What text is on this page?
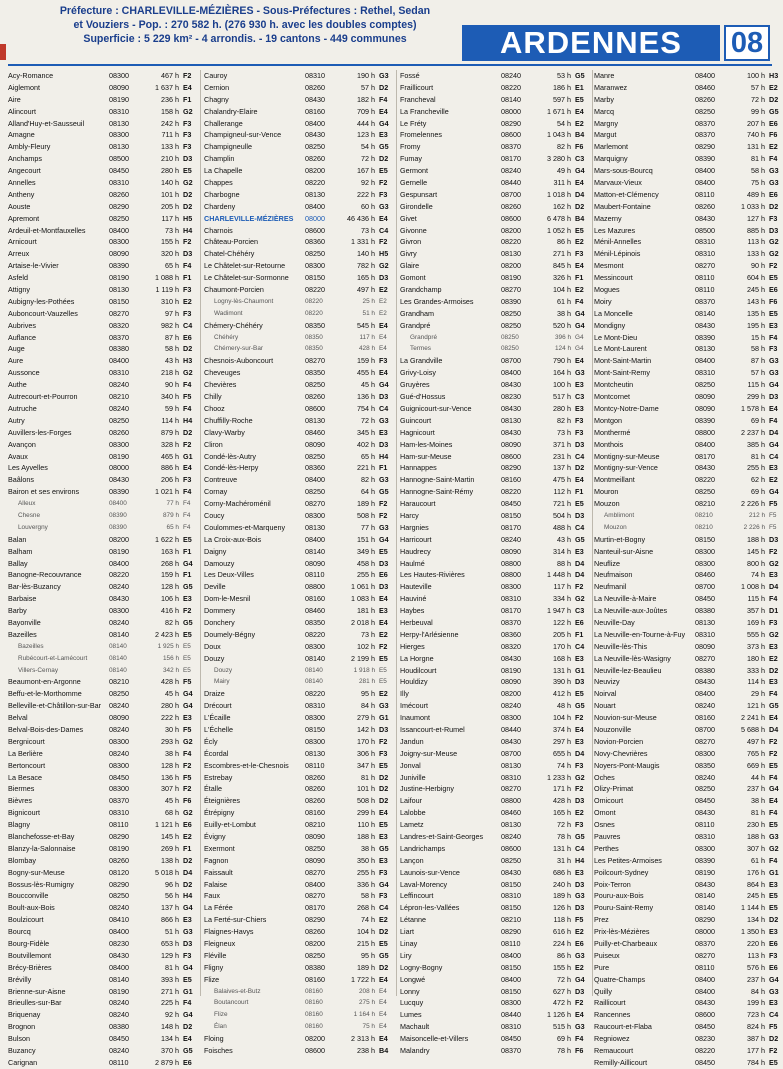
Préfecture : CHARLEVILLE-MÉZIÈRES - Sous-Préfectures : Rethel, Sedan
et Vouziers - Pop. : 270 582 h. (276 930 h. avec les doubles comptes)
Superficie : 5 229 km² - 4 arrondis. - 19 cantons - 449 communes	ARDENNES	08
Acy-Romance	08300	467 h F2
Aiglemont	08090	1 637 h E4
Aire	08190	236 h F1
Alincourt	08310	158 h G2
Alland'Huy-et-Sausseuil	08130	242 h F3
Amagne	08300	711 h F3
Ambly-Fleury	08130	133 h F3
Anchamps	08500	210 h D3
Angecourt	08450	280 h E5
Annelles	08310	140 h G2
Antheny	08260	101 h D2
Aouste	08290	205 h D2
Apremont	08250	117 h H5
Ardeuil-et-Montfauxelles	08400	73 h H4
Arnicourt	08300	155 h F2
Arreux	08090	320 h D3
Artaise-le-Vivier	08390	65 h F4
Asfeld	08190	1 088 h F1
Attigny	08130	1 119 h F3
Aubigny-les-Pothées	08150	310 h E2
Auboncourt-Vauzelles	08270	97 h F3
Aubrives	08320	982 h C4
Auflance	08370	87 h E6
Auge	08380	58 h D2
Aure	08400	43 h H3
Aussonce	08310	218 h G2
Authe	08240	90 h F4
Autrecourt-et-Pourron	08210	340 h F5
Autruche	08240	59 h F4
Autry	08250	114 h H4
Auvillers-les-Forges	08260	879 h D2
Avançon	08300	328 h F2
Avaux	08190	465 h G1
Les Ayvelles	08000	886 h E4
Baâlons	08430	206 h F3
Bairon et ses environs	08390	1 021 h F4
Alleux	08400	77 h F4
Chesne	08390	879 h F4
Louvergny	08390	65 h F4
Balan	08200	1 622 h E5
Balham	08190	163 h F1
Ballay	08400	268 h G4
Banogne-Recouvrance	08220	159 h F1
Bar-lès-Buzancy	08240	128 h G5
Barbaise	08430	106 h E3
Barby	08300	416 h F2
Bayonville	08240	82 h G5
Bazeilles	08140	2 423 h E5
Bazeilles	08140	1 925 h E5
Rubécourt-et-Lamécourt	08140	156 h E5
Villers-Cernay	08140	342 h E5
Beaumont-en-Argonne	08210	428 h F5
Beffu-et-le-Morthomme	08250	45 h G4
Belleville-et-Châtillon-sur-Bar	08240	280 h G4
Belval	08090	222 h E3
Belval-Bois-des-Dames	08240	30 h F5
Bergnicourt	08300	293 h G2
La Berlière	08240	38 h F4
Bertoncourt	08300	128 h F2
La Besace	08450	136 h F5
Biermes	08300	307 h F2
Bièvres	08370	45 h F6
Bignicourt	08310	68 h G2
Blagny	08110	1 121 h E6
Blanchefosse-et-Bay	08290	145 h E2
Blanzy-la-Salonnaise	08190	269 h F1
Blombay	08260	138 h D2
Bogny-sur-Meuse	08120	5 018 h D4
Bossus-lès-Rumigny	08290	96 h D2
Boucconville	08250	56 h H4
Boult-aux-Bois	08240	137 h G4
Boulzicourt	08410	866 h E3
Bourcq	08400	51 h G3
Bourg-Fidèle	08230	653 h D3
Boutvillemont	08430	129 h F3
Brécy-Brières	08400	81 h G4
Brévilly	08140	393 h E5
Brienne-sur-Aisne	08190	271 h G1
Brieulles-sur-Bar	08240	225 h F4
Briquenay	08240	92 h G4
Brognon	08380	148 h D2
Bulson	08450	134 h E4
Buzancy	08240	370 h G5
Carignan	08110	2 879 h E6
Cauroy	08310	190 h G3
Cernion	08260	57 h D2
Chagny	08430	182 h F4
Chalandry-Elaire	08160	709 h E4
Challerange	08400	444 h G4
Champigneul-sur-Vence	08430	123 h E3
Champigneulle	08250	54 h G5
Champlin	08260	72 h D2
La Chapelle	08200	167 h E5
Chappes	08220	92 h F2
Charbogne	08130	222 h F3
Chardeny	08400	60 h G3
CHARLEVILLE-MÉZIÈRES	08000	46 436 h E4
Charnois	08600	73 h C4
Château-Porcien	08360	1 331 h F2
Chatel-Chéhéry	08250	140 h H5
Le Châtelet-sur-Retourne	08300	782 h G2
Le Châtelet-sur-Sormonne	08150	165 h D3
Chaumont-Porcien	08220	497 h E2
Logny-lès-Chaumont	08220	25 h E2
Wadimont	08220	51 h E2
Chémery-Chéhéry	08350	545 h E4
Chéhéry	08350	117 h E4
Chémery-sur-Bar	08350	428 h E4
Chesnois-Auboncourt	08270	159 h F3
Cheveuges	08350	455 h E4
Chevières	08250	45 h G4
Chilly	08260	136 h D3
Chooz	08600	754 h C4
Chuffilly-Roche	08130	72 h G3
Clavy-Warby	08460	345 h E3
Cliron	08090	402 h D3
Condé-lès-Autry	08250	65 h H4
Condé-lès-Herpy	08360	221 h F1
Contreuve	08400	82 h G3
Cornay	08250	64 h G5
Corny-Machéroménil	08270	189 h F2
Coucy	08300	508 h F2
Coulommes-et-Marqueny	08130	77 h G3
La Croix-aux-Bois	08400	151 h G4
Daigny	08140	349 h E5
Damouzy	08090	458 h D3
Les Deux-Villes	08110	255 h E6
Deville	08800	1 061 h D3
Dom-le-Mesnil	08160	1 083 h E4
Dommery	08460	181 h E3
Donchery	08350	2 018 h E4
Doumely-Bégny	08220	73 h E2
Doux	08300	102 h F2
Douzy	08140	2 199 h E5
Douzy	08140	1 918 h E5
Mairy	08140	281 h E5
Draize	08220	95 h E2
Drécourt	08310	84 h G3
L'Écaille	08300	279 h G1
L'Échelle	08150	142 h D3
Écly	08300	170 h F2
Écordal	08130	306 h F3
Escombres-et-le-Chesnois	08110	347 h E5
Estrebay	08260	81 h D2
Étalle	08260	101 h D2
Éteignières	08260	508 h D2
Étrépigny	08160	299 h E4
Euilly-et-Lombut	08210	110 h E5
Évigny	08090	188 h E3
Exermont	08250	38 h G5
Fagnon	08090	350 h E3
Faissault	08270	255 h F3
Falaise	08400	336 h G4
Faux	08270	58 h F3
La Férée	08170	268 h C4
La Ferté-sur-Chiers	08290	74 h E2
Flaignes-Havys	08260	104 h D2
Fleigneux	08200	215 h E5
Fléville	08250	95 h G5
Fligny	08380	189 h D2
Flize	08160	1 722 h E4
Balaives-et-Butz	08160	208 h E4
Boutancourt	08160	275 h E4
Flize	08160	1 164 h E4
Élan	08160	75 h E4
Floing	08200	2 313 h E4
Foisches	08600	238 h B4
Fossé	08240	53 h G5
Fraillicourt	08220	186 h E1
Francheval	08140	597 h E5
La Francheville	08000	1 671 h E4
Le Fréty	08290	54 h E2
Fromelennes	08600	1 043 h B4
Fromy	08370	82 h F6
Fumay	08170	3 280 h C3
Germont	08240	49 h G4
Gernelle	08440	311 h E4
Gespunsart	08700	1 018 h D4
Girondelle	08260	162 h D2
Givet	08600	6 478 h B4
Givonne	08200	1 052 h E5
Givron	08220	86 h E2
Givry	08130	271 h F3
Glaire	08200	845 h E4
Gomont	08190	326 h F1
Grandchamp	08270	104 h E2
Les Grandes-Armoises	08390	61 h F4
Grandham	08250	38 h G4
Grandpré	08250	520 h G4
Grandpré	08250	396 h G4
Termes	08250	124 h G4
La Grandville	08700	790 h E4
Grivy-Loisy	08400	164 h G3
Gruyères	08430	100 h E3
Gué-d'Hossus	08230	517 h C3
Guignicourt-sur-Vence	08430	280 h E3
Guincourt	08130	82 h F3
Hagnicourt	08430	73 h F3
Ham-les-Moines	08090	371 h D3
Ham-sur-Meuse	08600	231 h C4
Hannappes	08290	137 h D2
Hannogne-Saint-Martin	08160	475 h E4
Hannogne-Saint-Rémy	08220	112 h F1
Haraucourt	08450	721 h E5
Harcy	08150	504 h D3
Hargnies	08170	488 h C4
Harricourt	08240	43 h G5
Haudrecy	08090	314 h E3
Haulmé	08800	88 h D4
Les Hautes-Rivières	08800	1 448 h D4
Hauteville	08300	117 h F2
Hauviné	08310	334 h G2
Haybes	08170	1 947 h C3
Herbeuval	08370	122 h E6
Herpy-l'Arlésienne	08360	205 h F1
Hierges	08320	170 h C4
La Horgne	08430	168 h E3
Houdilcourt	08190	131 h G1
Houldizy	08090	390 h D3
Illy	08200	412 h E5
Imécourt	08240	48 h G5
Inaumont	08300	104 h F2
Issancourt-et-Rumel	08440	374 h E4
Jandun	08430	297 h E3
Joigny-sur-Meuse	08700	655 h D4
Jonval	08130	74 h F3
Juniville	08310	1 233 h G2
Justine-Herbigny	08270	171 h F2
Laifour	08800	428 h D3
Lalobbe	08460	165 h E2
Lametz	08130	72 h F3
Landres-et-Saint-Georges	08240	78 h G5
Landrichamps	08600	131 h C4
Lançon	08250	31 h H4
Launois-sur-Vence	08430	686 h E3
Laval-Morency	08150	240 h D3
Leffincourt	08310	189 h G3
Lépron-les-Vallées	08150	126 h D3
Létanne	08210	118 h F5
Liart	08290	616 h E2
Linay	08110	224 h E6
Liry	08400	86 h G3
Logny-Bogny	08150	155 h E2
Longwé	08400	72 h G4
Lonny	08150	627 h D3
Lucquy	08300	472 h F2
Lumes	08440	1 126 h E4
Machault	08310	515 h G3
Maisoncelle-et-Villers	08450	69 h F4
Malandry	08370	78 h F6
Manre	08400	100 h H3
Maranwez	08460	57 h E2
Marby	08260	72 h D2
Marcq	08250	99 h G5
Margny	08370	207 h E6
Margut	08370	740 h F6
Marlemont	08290	131 h E2
Marquigny	08390	81 h F4
Mars-sous-Bourcq	08400	58 h G3
Marvaux-Vieux	08400	75 h G3
Matton-et-Clémency	08110	489 h E6
Maubert-Fontaine	08260	1 033 h D2
Mazerny	08430	127 h F3
Les Mazures	08500	885 h D3
Ménil-Annelles	08310	113 h G2
Ménil-Lépinois	08310	133 h G2
Mesmont	08270	90 h F2
Messincourt	08110	604 h E5
Mogues	08110	245 h E6
Moiry	08370	143 h F6
La Moncelle	08140	135 h E5
Mondigny	08430	195 h E3
Le Mont-Dieu	08390	15 h F4
Le Mont-Laurent	08130	58 h F3
Mont-Saint-Martin	08400	87 h G3
Mont-Saint-Remy	08310	57 h G3
Montcheutin	08250	115 h G4
Montcornet	08090	299 h D3
Montcy-Notre-Dame	08090	1 578 h E4
Montgon	08390	69 h F4
Monthermé	08800	2 237 h D4
Monthois	08400	385 h G4
Montigny-sur-Meuse	08170	81 h C4
Montigny-sur-Vence	08430	255 h E3
Montmeillant	08220	62 h E2
Mouron	08250	69 h G4
Mouzon	08210	2 226 h F5
Amblimont	08210	212 h F5
Mouzon	08210	2 226 h F5
Murtin-et-Bogny	08150	188 h D3
Nanteuil-sur-Aisne	08300	145 h F2
Neuflize	08300	800 h G2
Neufmaison	08460	74 h E3
Neufmanil	08700	1 008 h D4
La Neuville-à-Maire	08450	115 h F4
La Neuville-aux-Joûtes	08380	357 h D1
Neuville-Day	08130	169 h F3
La Neuville-en-Tourne-à-Fuy	08310	555 h G2
Neuville-lès-This	08090	373 h E3
La Neuville-lès-Wasigny	08270	180 h E2
Neuville-lez-Beaulieu	08380	333 h D2
Neuvizy	08430	114 h E3
Noirval	08400	29 h F4
Nouart	08240	121 h G5
Nouvion-sur-Meuse	08160	2 241 h E4
Nouzonville	08700	5 688 h D4
Novion-Porcien	08270	497 h F2
Novy-Chevrières	08300	765 h F2
Noyers-Pont-Maugis	08350	669 h E5
Oches	08240	44 h F4
Olizy-Primat	08250	237 h G4
Omicourt	08450	38 h E4
Omont	08430	81 h F4
Osnes	08110	230 h E5
Pauvres	08310	188 h G3
Perthes	08300	307 h G2
Les Petites-Armoises	08390	61 h F4
Poilcourt-Sydney	08190	176 h G1
Poix-Terron	08430	864 h E3
Pouru-aux-Bois	08140	245 h E5
Pouru-Saint-Remy	08140	1 144 h E5
Prez	08290	134 h D2
Prix-lès-Mézières	08000	1 350 h E3
Puilly-et-Charbeaux	08370	220 h E6
Puiseux	08270	113 h F3
Pure	08110	576 h E6
Quatre-Champs	08400	237 h G4
Quilly	08400	84 h G3
Raillicourt	08430	199 h E3
Rancennes	08600	723 h C4
Raucourt-et-Flaba	08450	824 h F5
Regniowez	08230	387 h D2
Remaucourt	08220	177 h F2
Remilly-Aillicourt	08450	784 h E5
